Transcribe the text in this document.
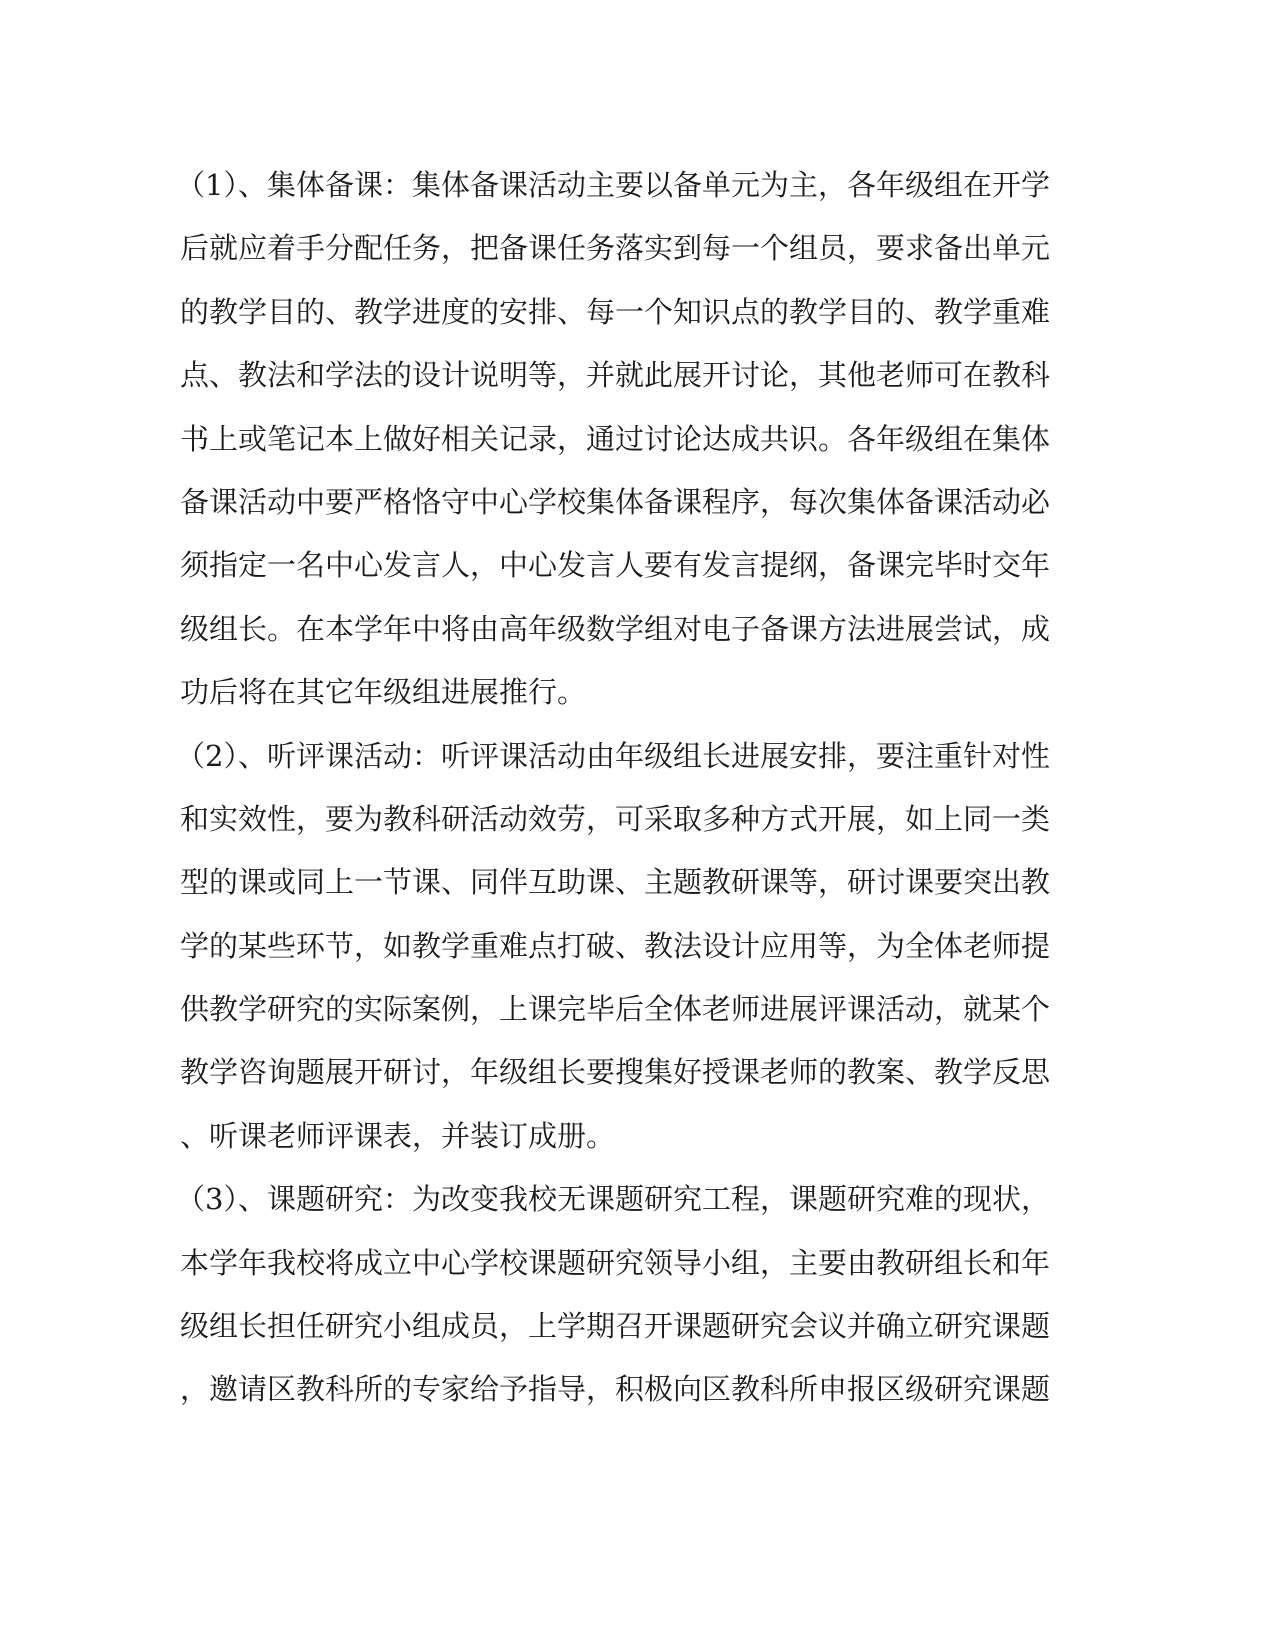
（1）、集体备课：集体备课活动主要以备单元为主，各年级组在开学
后就应着手分配任务，把备课任务落实到每一个组员，要求备出单元
的教学目的、教学进度的安排、每一个知识点的教学目的、教学重难
点、教法和学法的设计说明等，并就此展开讨论，其他老师可在教科
书上或笔记本上做好相关记录，通过讨论达成共识。各年级组在集体
备课活动中要严格恪守中心学校集体备课程序，每次集体备课活动必
须指定一名中心发言人，中心发言人要有发言提纲，备课完毕时交年
级组长。在本学年中将由高年级数学组对电子备课方法进展尝试，成
功后将在其它年级组进展推行。
（2）、听评课活动：听评课活动由年级组长进展安排，要注重针对性
和实效性，要为教科研活动效劳，可采取多种方式开展，如上同一类
型的课或同上一节课、同伴互助课、主题教研课等，研讨课要突出教
学的某些环节，如教学重难点打破、教法设计应用等，为全体老师提
供教学研究的实际案例，上课完毕后全体老师进展评课活动，就某个
教学咨询题展开研讨，年级组长要搜集好授课老师的教案、教学反思
、听课老师评课表，并装订成册。
（3）、课题研究：为改变我校无课题研究工程，课题研究难的现状，
本学年我校将成立中心学校课题研究领导小组，主要由教研组长和年
级组长担任研究小组成员，上学期召开课题研究会议并确立研究课题
，邀请区教科所的专家给予指导，积极向区教科所申报区级研究课题
